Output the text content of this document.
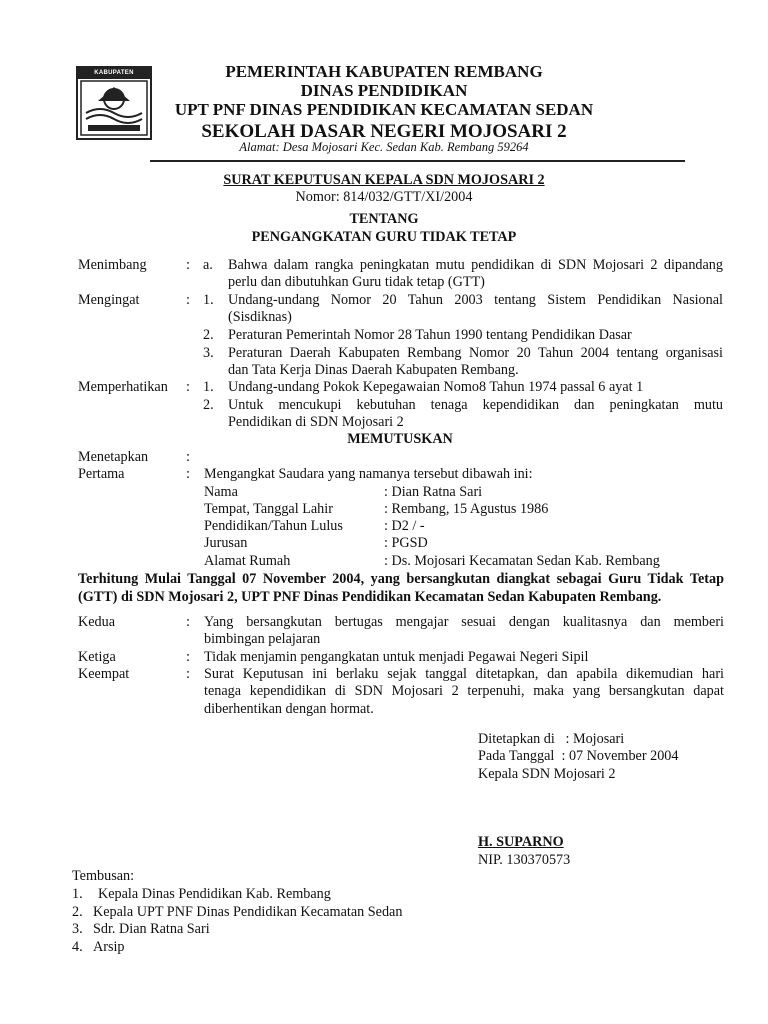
KABUPATEN	PEMERINTAH KABUPATEN REMBANG
DINAS PENDIDIKAN
UPT PNF DINAS PENDIDIKAN KECAMATAN SEDAN
SEKOLAH DASAR NEGERI MOJOSARI 2
Alamat: Desa Mojosari Kec. Sedan Kab. Rembang 59264
SURAT KEPUTUSAN KEPALA SDN MOJOSARI 2
Nomor: 814/032/GTT/XI/2004
TENTANG
PENGANGKATAN GURU TIDAK TETAP
Menimbang	: a. Bahwa dalam rangka peningkatan mutu pendidikan di SDN Mojosari 2 dipandang
perlu dan dibutuhkan Guru tidak tetap (GTT)
Mengingat	: 1. Undang-undang Nomor 20 Tahun 2003 tentang Sistem Pendidikan Nasional
(Sisdiknas)
2. Peraturan Pemerintah Nomor 28 Tahun 1990 tentang Pendidikan Dasar
3. Peraturan Daerah Kabupaten Rembang Nomor 20 Tahun 2004 tentang organisasi
dan Tata Kerja Dinas Daerah Kabupaten Rembang.
Memperhatikan : 1. Undang-undang Pokok Kepegawaian Nomo8 Tahun 1974 passal 6 ayat 1
2. Untuk mencukupi kebutuhan tenaga kependidikan dan peningkatan mutu
Pendidikan di SDN Mojosari 2
MEMUTUSKAN
Menetapkan	:
Pertama	: Mengangkat Saudara yang namanya tersebut dibawah ini:
Nama	: Dian Ratna Sari
Tempat, Tanggal Lahir	: Rembang, 15 Agustus 1986
Pendidikan/Tahun Lulus	: D2 / -
Jurusan	: PGSD
Alamat Rumah	: Ds. Mojosari Kecamatan Sedan Kab. Rembang
Terhitung Mulai Tanggal 07 November 2004, yang bersangkutan diangkat sebagai Guru Tidak Tetap
(GTT) di SDN Mojosari 2, UPT PNF Dinas Pendidikan Kecamatan Sedan Kabupaten Rembang.
Kedua	: Yang bersangkutan bertugas mengajar sesuai dengan kualitasnya dan memberi
bimbingan pelajaran
Ketiga	: Tidak menjamin pengangkatan untuk menjadi Pegawai Negeri Sipil
Keempat	: Surat Keputusan ini berlaku sejak tanggal ditetapkan, dan apabila dikemudian hari
tenaga kependidikan di SDN Mojosari 2 terpenuhi, maka yang bersangkutan dapat
diberhentikan dengan hormat.
Ditetapkan di   : Mojosari
Pada Tanggal  : 07 November 2004
Kepala SDN Mojosari 2
H. SUPARNO
NIP. 130370573
Tembusan:
1. Kepala Dinas Pendidikan Kab. Rembang
2. Kepala UPT PNF Dinas Pendidikan Kecamatan Sedan
3. Sdr. Dian Ratna Sari
4. Arsip
